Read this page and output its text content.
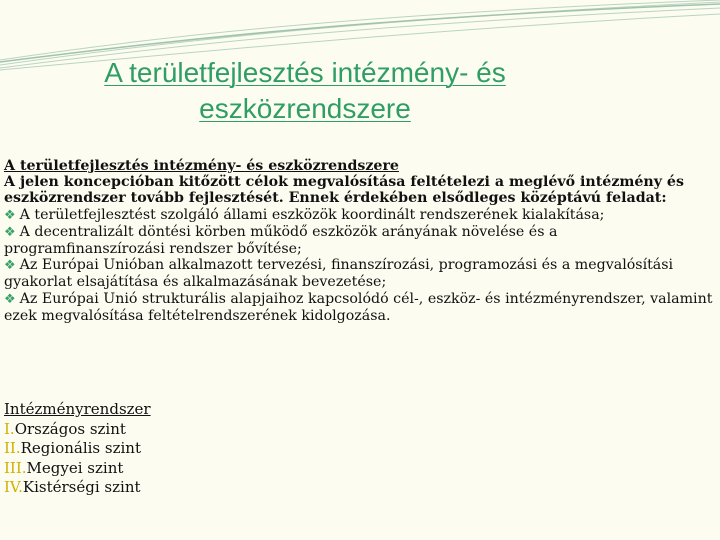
A területfejlesztés intézmény- és
eszközrendszere

A területfejlesztés intézmény- és eszközrendszere

A jelen koncepcióban kitőzött célok megvalósítása feltételezi a meglévő intézmény és eszközrendszer tovább fejlesztését. Ennek érdekében elsődleges középtávú feladat:

❖ A területfejlesztést szolgáló állami eszközök koordinált rendszerének kialakítása;

❖ A decentralizált döntési körben működő eszközök arányának növelése és a programfinanszírozási rendszer bővítése;

❖ Az Európai Unióban alkalmazott tervezési, finanszírozási, programozási és a megvalósítási gyakorlat elsajátítása és alkalmazásának bevezetése;

❖ Az Európai Unió strukturális alapjaihoz kapcsolódó cél-, eszköz- és intézményrendszer, valamint ezek megvalósítása feltételrendszerének kidolgozása.

Intézményrendszer

I.Országos szint

II.Regionális szint

III.Megyei szint

IV.Kistérségi szint
